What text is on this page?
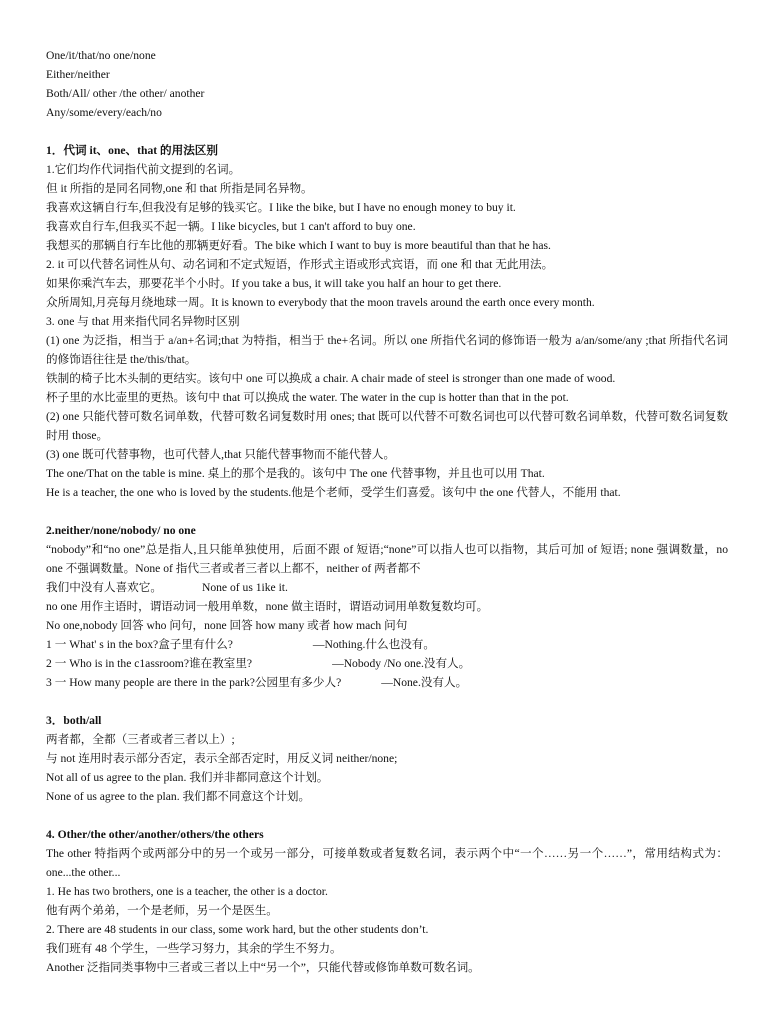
One/it/that/no one/none
Either/neither
Both/All/ other /the other/ another
Any/some/every/each/no
1．代词 it、one、that 的用法区别
1.它们均作代词指代前文提到的名词。
但 it 所指的是同名同物,one 和 that 所指是同名异物。
我喜欢这辆自行车,但我没有足够的钱买它。I like the bike, but I have no enough money to buy it.
我喜欢自行车,但我买不起一辆。I like bicycles, but 1 can't afford to buy one.
我想买的那辆自行车比他的那辆更好看。The bike which I want to buy is more beautiful than that he has.
2. it 可以代替名词性从句、动名词和不定式短语，作形式主语或形式宾语，而 one 和 that 无此用法。
如果你乘汽车去，那要花半个小时。If you take a bus, it will take you half an hour to get there.
众所周知,月亮每月绕地球一周。It is known to everybody that the moon travels around the earth once every month.
3. one 与 that 用来指代同名异物时区别
(1) one 为泛指，相当于 a/an+名词;that 为特指，相当于 the+名词。所以 one 所指代名词的修饰语一般为 a/an/some/any ;that 所指代名词的修饰语往往是 the/this/that。
铁制的椅子比木头制的更结实。该句中 one 可以换成 a chair. A chair made of steel is stronger than one made of wood.
杯子里的水比壶里的更热。该句中 that 可以换成 the water. The water in the cup is hotter than that in the pot.
(2) one 只能代替可数名词单数，代替可数名词复数时用 ones; that 既可以代替不可数名词也可以代替可数名词单数，代替可数名词复数时用 those。
(3) one 既可代替事物，也可代替人,that 只能代替事物而不能代替人。
The one/That on the table is mine. 桌上的那个是我的。该句中 The one 代替事物，并且也可以用 That.
He is a teacher, the one who is loved by the students.他是个老师，受学生们喜爱。该句中 the one 代替人，不能用 that.
2.neither/none/nobody/ no one
“nobody”和“no one”总是指人,且只能单独使用，后面不跟 of 短语;“none”可以指人也可以指物，其后可加 of 短语; none 强调数量，no one 不强调数量。None of 指代三者或者三者以上都不，neither of 两者都不
我们中没有人喜欢它。	None of us 1ike it.
no one 用作主语时，谓语动词一般用单数，none 做主语时，谓语动词用单数复数均可。
No one,nobody 回答 who 问句，none 回答 how many 或者 how mach 问句
1 一 What' s in the box?盒子里有什么?	—Nothing.什么也没有。
2 一 Who is in the c1assroom?谁在教室里?	—Nobody /No one.没有人。
3 一 How many people are there in the park?公园里有多少人?	—None.没有人。
3．both/all
两者都，全都（三者或者三者以上）;
与 not 连用时表示部分否定，表示全部否定时，用反义词 neither/none;
Not all of us agree to the plan. 我们并非都同意这个计划。
None of us agree to the plan. 我们都不同意这个计划。
4. Other/the other/another/others/the others
The other 特指两个或两部分中的另一个或另一部分，可接单数或者复数名词，表示两个中“一个……另一个……”，常用结构式为：one...the other...
1. He has two brothers, one is a teacher, the other is a doctor.
他有两个弟弟，一个是老师，另一个是医生。
2. There are 48 students in our class, some work hard, but the other students don’t.
我们班有 48 个学生，一些学习努力，其余的学生不努力。
Another 泛指同类事物中三者或三者以上中“另一个”，只能代替或修饰单数可数名词。
